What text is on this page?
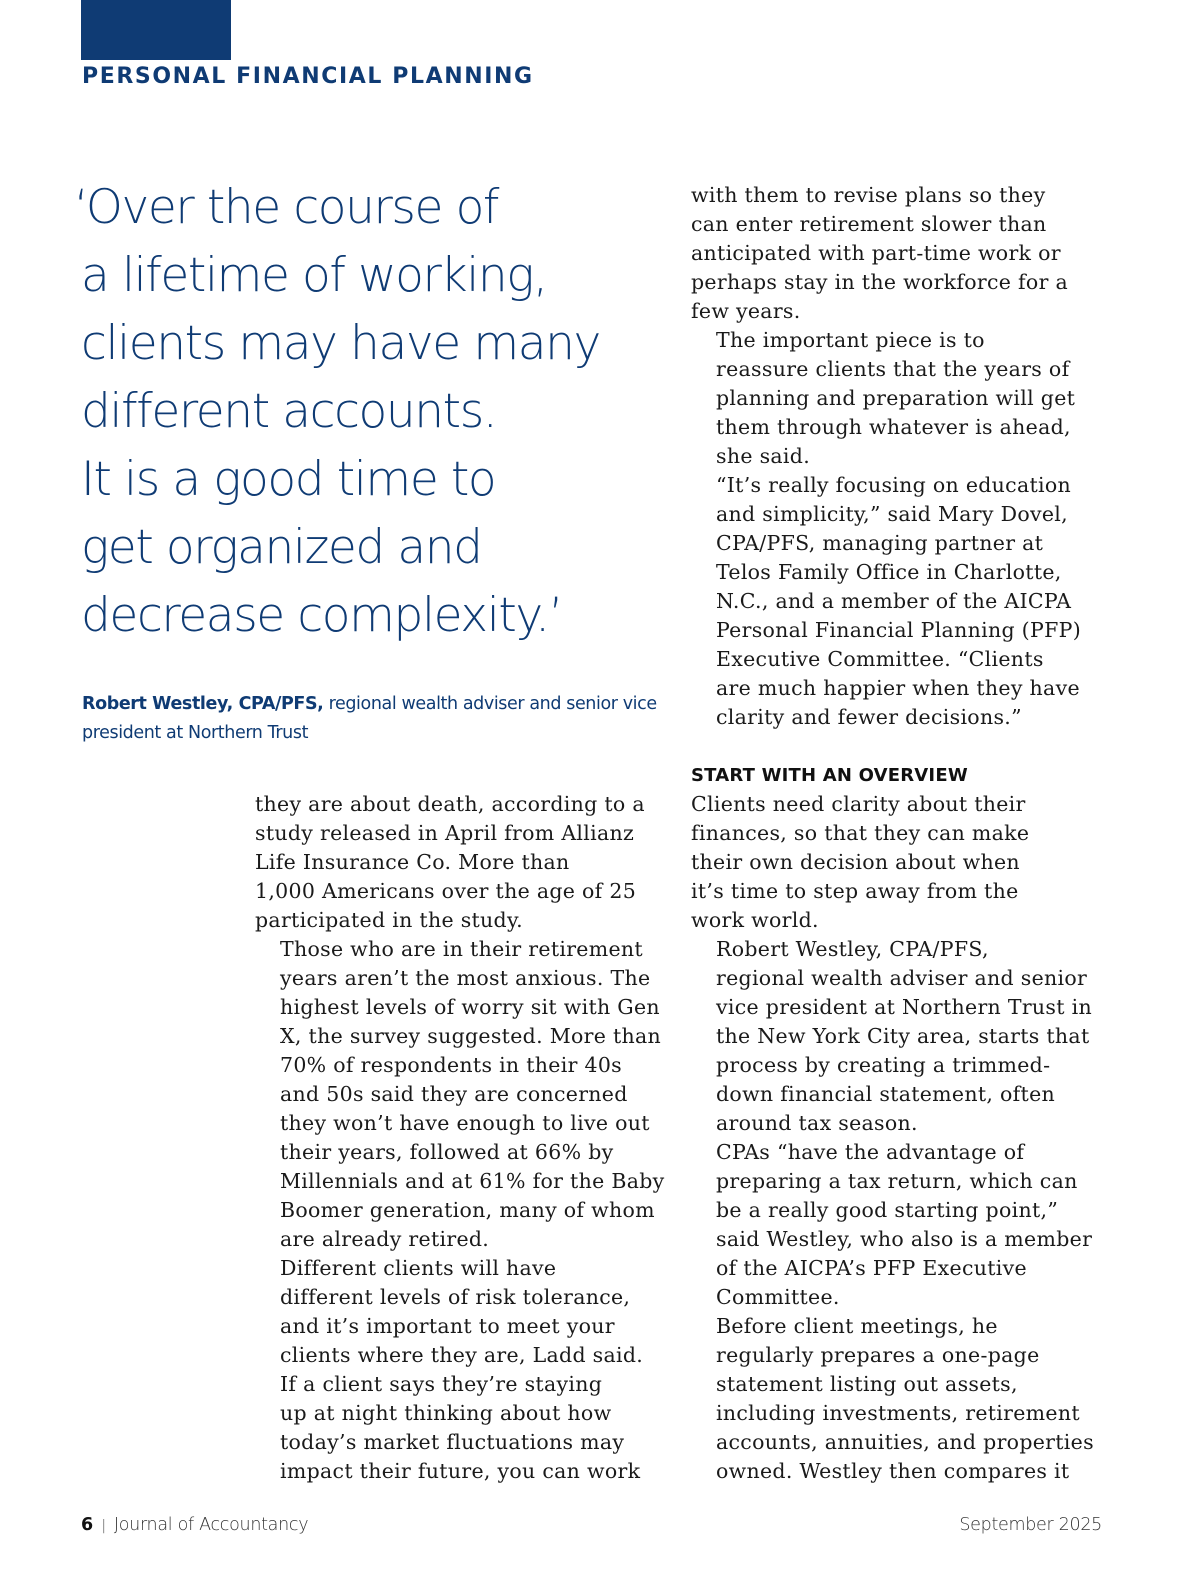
PERSONAL FINANCIAL PLANNING
‘Over the course of
a lifetime of working,
clients may have many
different accounts.
It is a good time to
get organized and
decrease complexity.’
Robert Westley, CPA/PFS, regional wealth adviser and senior vice president at Northern Trust
they are about death, according to a
study released in April from Allianz
Life Insurance Co. More than
1,000 Americans over the age of 25
participated in the study.
Those who are in their retirement
years aren’t the most anxious. The
highest levels of worry sit with Gen
X, the survey suggested. More than
70% of respondents in their 40s
and 50s said they are concerned
they won’t have enough to live out
their years, followed at 66% by
Millennials and at 61% for the Baby
Boomer generation, many of whom
are already retired.
Different clients will have
different levels of risk tolerance,
and it’s important to meet your
clients where they are, Ladd said.
If a client says they’re staying
up at night thinking about how
today’s market fluctuations may
impact their future, you can work
with them to revise plans so they
can enter retirement slower than
anticipated with part-time work or
perhaps stay in the workforce for a
few years.
The important piece is to
reassure clients that the years of
planning and preparation will get
them through whatever is ahead,
she said.
“It’s really focusing on education
and simplicity,” said Mary Dovel,
CPA/PFS, managing partner at
Telos Family Office in Charlotte,
N.C., and a member of the AICPA
Personal Financial Planning (PFP)
Executive Committee. “Clients
are much happier when they have
clarity and fewer decisions.”
START WITH AN OVERVIEW
Clients need clarity about their
finances, so that they can make
their own decision about when
it’s time to step away from the
work world.
Robert Westley, CPA/PFS,
regional wealth adviser and senior
vice president at Northern Trust in
the New York City area, starts that
process by creating a trimmed-
down financial statement, often
around tax season.
CPAs “have the advantage of
preparing a tax return, which can
be a really good starting point,”
said Westley, who also is a member
of the AICPA’s PFP Executive
Committee.
Before client meetings, he
regularly prepares a one-page
statement listing out assets,
including investments, retirement
accounts, annuities, and properties
owned. Westley then compares it
6 | Journal of Accountancy	September 2025
